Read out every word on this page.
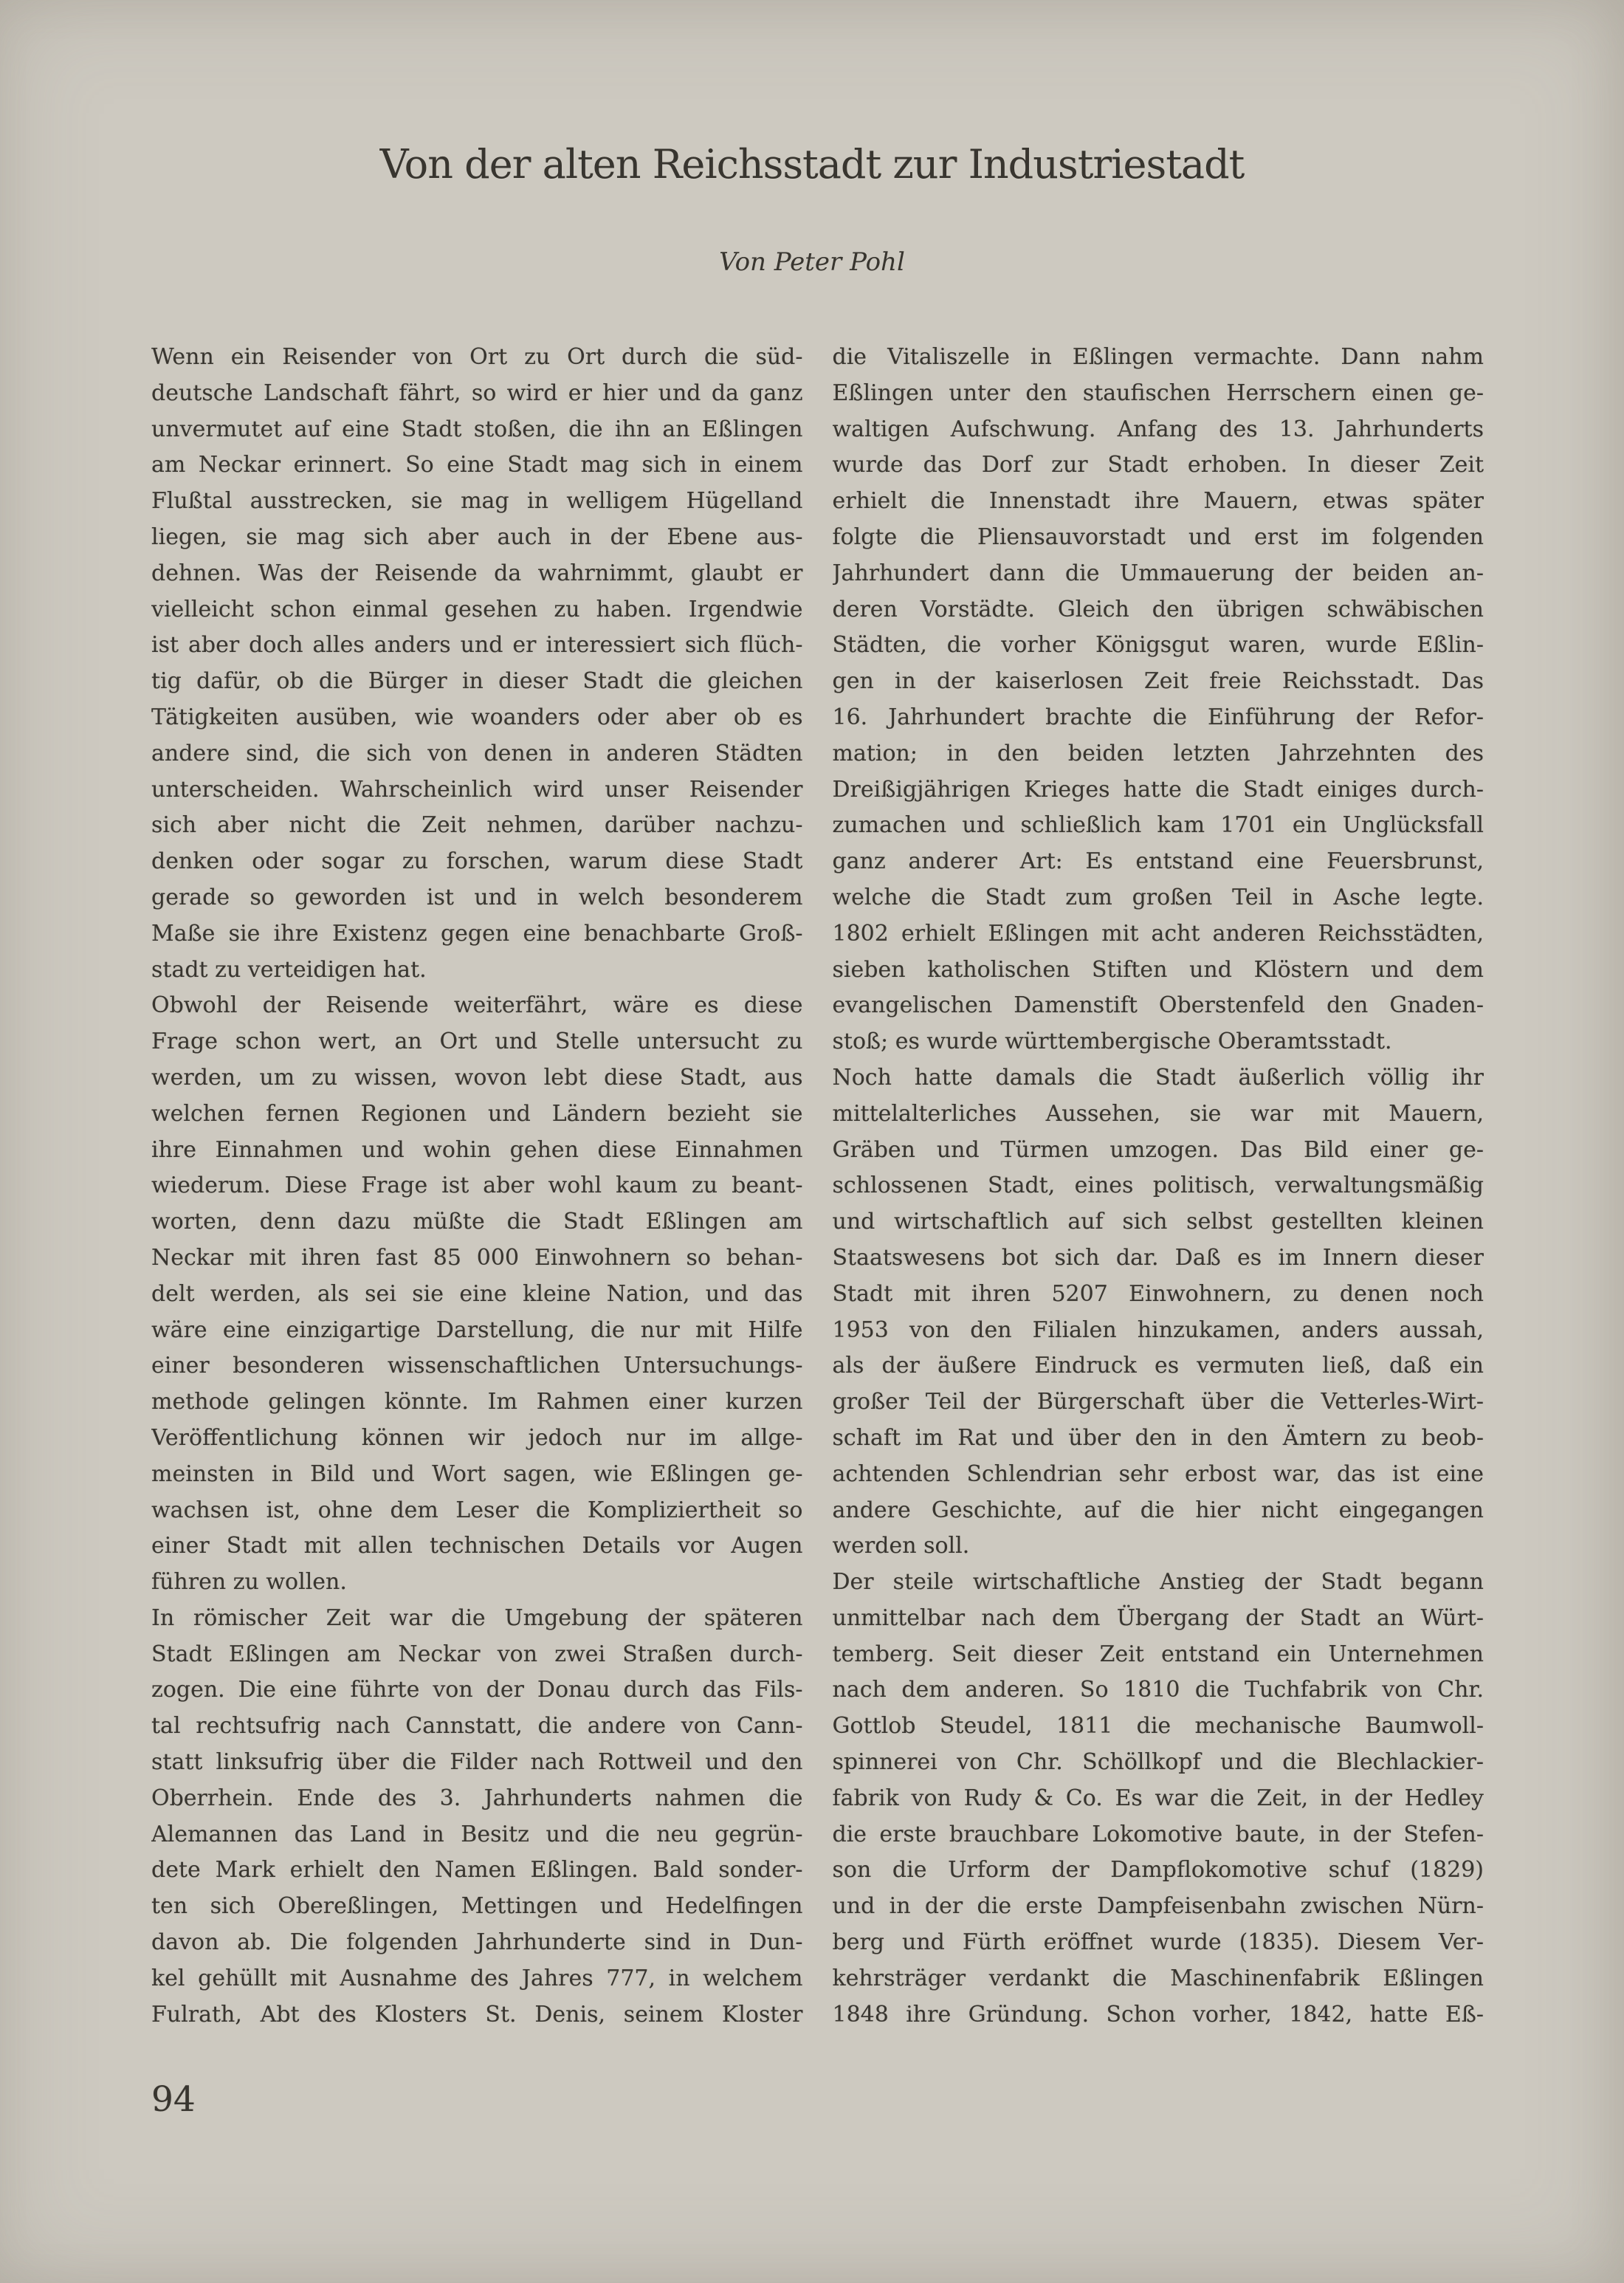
Von der alten Reichsstadt zur Industriestadt
Von Peter Pohl
Wenn ein Reisender von Ort zu Ort durch die süd-
deutsche Landschaft fährt, so wird er hier und da ganz
unvermutet auf eine Stadt stoßen, die ihn an Eßlingen
am Neckar erinnert. So eine Stadt mag sich in einem
Flußtal ausstrecken, sie mag in welligem Hügelland
liegen, sie mag sich aber auch in der Ebene aus-
dehnen. Was der Reisende da wahrnimmt, glaubt er
vielleicht schon einmal gesehen zu haben. Irgendwie
ist aber doch alles anders und er interessiert sich flüch-
tig dafür, ob die Bürger in dieser Stadt die gleichen
Tätigkeiten ausüben, wie woanders oder aber ob es
andere sind, die sich von denen in anderen Städten
unterscheiden. Wahrscheinlich wird unser Reisender
sich aber nicht die Zeit nehmen, darüber nachzu-
denken oder sogar zu forschen, warum diese Stadt
gerade so geworden ist und in welch besonderem
Maße sie ihre Existenz gegen eine benachbarte Groß-
stadt zu verteidigen hat.
Obwohl der Reisende weiterfährt, wäre es diese
Frage schon wert, an Ort und Stelle untersucht zu
werden, um zu wissen, wovon lebt diese Stadt, aus
welchen fernen Regionen und Ländern bezieht sie
ihre Einnahmen und wohin gehen diese Einnahmen
wiederum. Diese Frage ist aber wohl kaum zu beant-
worten, denn dazu müßte die Stadt Eßlingen am
Neckar mit ihren fast 85 000 Einwohnern so behan-
delt werden, als sei sie eine kleine Nation, und das
wäre eine einzigartige Darstellung, die nur mit Hilfe
einer besonderen wissenschaftlichen Untersuchungs-
methode gelingen könnte. Im Rahmen einer kurzen
Veröffentlichung können wir jedoch nur im allge-
meinsten in Bild und Wort sagen, wie Eßlingen ge-
wachsen ist, ohne dem Leser die Kompliziertheit so
einer Stadt mit allen technischen Details vor Augen
führen zu wollen.
In römischer Zeit war die Umgebung der späteren
Stadt Eßlingen am Neckar von zwei Straßen durch-
zogen. Die eine führte von der Donau durch das Fils-
tal rechtsufrig nach Cannstatt, die andere von Cann-
statt linksufrig über die Filder nach Rottweil und den
Oberrhein. Ende des 3. Jahrhunderts nahmen die
Alemannen das Land in Besitz und die neu gegrün-
dete Mark erhielt den Namen Eßlingen. Bald sonder-
ten sich Obereßlingen, Mettingen und Hedelfingen
davon ab. Die folgenden Jahrhunderte sind in Dun-
kel gehüllt mit Ausnahme des Jahres 777, in welchem
Fulrath, Abt des Klosters St. Denis, seinem Kloster
die Vitaliszelle in Eßlingen vermachte. Dann nahm
Eßlingen unter den staufischen Herrschern einen ge-
waltigen Aufschwung. Anfang des 13. Jahrhunderts
wurde das Dorf zur Stadt erhoben. In dieser Zeit
erhielt die Innenstadt ihre Mauern, etwas später
folgte die Pliensauvorstadt und erst im folgenden
Jahrhundert dann die Ummauerung der beiden an-
deren Vorstädte. Gleich den übrigen schwäbischen
Städten, die vorher Königsgut waren, wurde Eßlin-
gen in der kaiserlosen Zeit freie Reichsstadt. Das
16. Jahrhundert brachte die Einführung der Refor-
mation; in den beiden letzten Jahrzehnten des
Dreißigjährigen Krieges hatte die Stadt einiges durch-
zumachen und schließlich kam 1701 ein Unglücksfall
ganz anderer Art: Es entstand eine Feuersbrunst,
welche die Stadt zum großen Teil in Asche legte.
1802 erhielt Eßlingen mit acht anderen Reichsstädten,
sieben katholischen Stiften und Klöstern und dem
evangelischen Damenstift Oberstenfeld den Gnaden-
stoß; es wurde württembergische Oberamtsstadt.
Noch hatte damals die Stadt äußerlich völlig ihr
mittelalterliches Aussehen, sie war mit Mauern,
Gräben und Türmen umzogen. Das Bild einer ge-
schlossenen Stadt, eines politisch, verwaltungsmäßig
und wirtschaftlich auf sich selbst gestellten kleinen
Staatswesens bot sich dar. Daß es im Innern dieser
Stadt mit ihren 5207 Einwohnern, zu denen noch
1953 von den Filialen hinzukamen, anders aussah,
als der äußere Eindruck es vermuten ließ, daß ein
großer Teil der Bürgerschaft über die Vetterles-Wirt-
schaft im Rat und über den in den Ämtern zu beob-
achtenden Schlendrian sehr erbost war, das ist eine
andere Geschichte, auf die hier nicht eingegangen
werden soll.
Der steile wirtschaftliche Anstieg der Stadt begann
unmittelbar nach dem Übergang der Stadt an Würt-
temberg. Seit dieser Zeit entstand ein Unternehmen
nach dem anderen. So 1810 die Tuchfabrik von Chr.
Gottlob Steudel, 1811 die mechanische Baumwoll-
spinnerei von Chr. Schöllkopf und die Blechlackier-
fabrik von Rudy & Co. Es war die Zeit, in der Hedley
die erste brauchbare Lokomotive baute, in der Stefen-
son die Urform der Dampflokomotive schuf (1829)
und in der die erste Dampfeisenbahn zwischen Nürn-
berg und Fürth eröffnet wurde (1835). Diesem Ver-
kehrsträger verdankt die Maschinenfabrik Eßlingen
1848 ihre Gründung. Schon vorher, 1842, hatte Eß-
94
